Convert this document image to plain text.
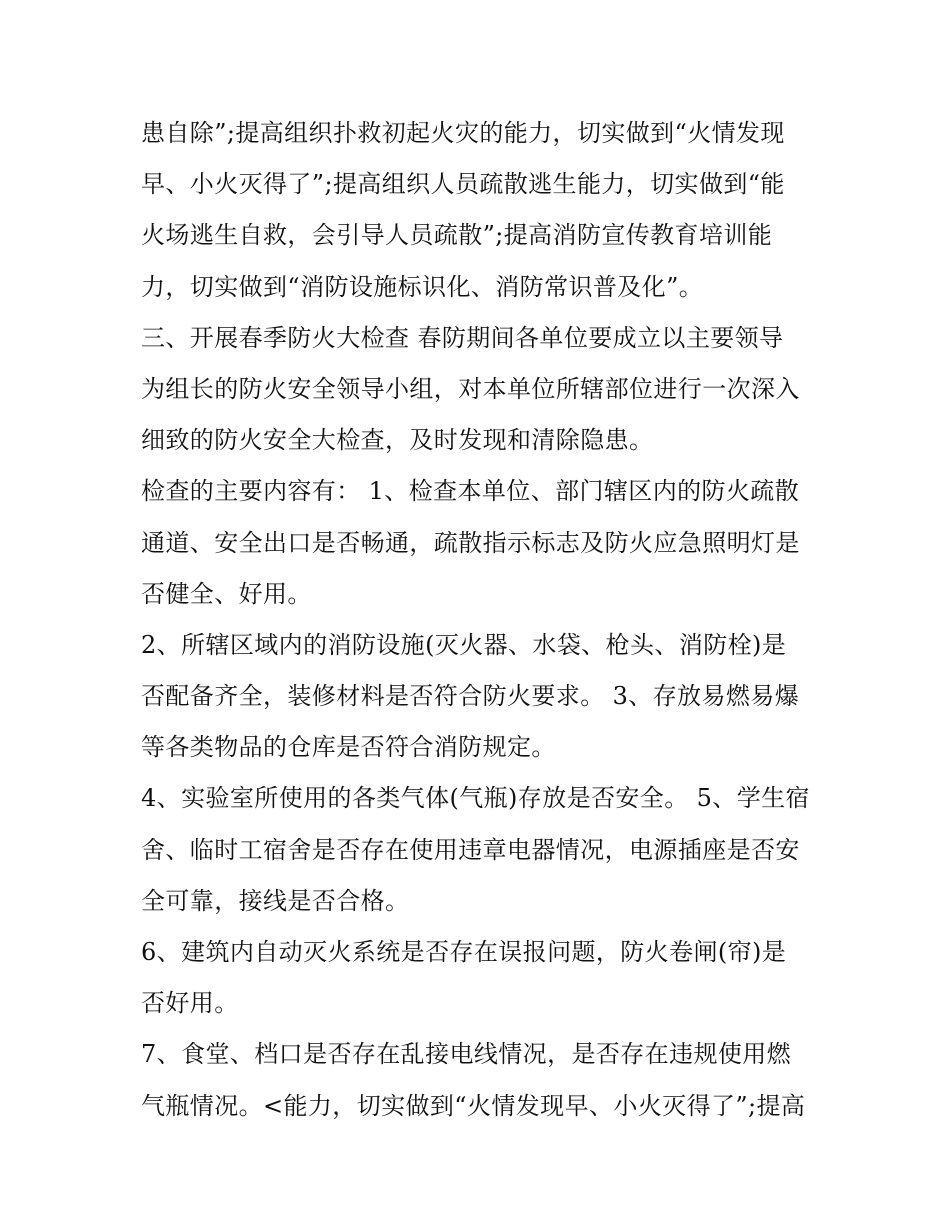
患自除”;提高组织扑救初起火灾的能力，切实做到“火情发现
早、小火灭得了”;提高组织人员疏散逃生能力，切实做到“能
火场逃生自救，会引导人员疏散”;提高消防宣传教育培训能
力，切实做到“消防设施标识化、消防常识普及化”。
三、开展春季防火大检查 春防期间各单位要成立以主要领导
为组长的防火安全领导小组，对本单位所辖部位进行一次深入
细致的防火安全大检查，及时发现和清除隐患。
检查的主要内容有： 1、检查本单位、部门辖区内的防火疏散
通道、安全出口是否畅通，疏散指示标志及防火应急照明灯是
否健全、好用。
2、所辖区域内的消防设施(灭火器、水袋、枪头、消防栓)是
否配备齐全，装修材料是否符合防火要求。 3、存放易燃易爆
等各类物品的仓库是否符合消防规定。
4、实验室所使用的各类气体(气瓶)存放是否安全。 5、学生宿
舍、临时工宿舍是否存在使用违章电器情况，电源插座是否安
全可靠，接线是否合格。
6、建筑内自动灭火系统是否存在误报问题，防火卷闸(帘)是
否好用。
7、食堂、档口是否存在乱接电线情况，是否存在违规使用燃
气瓶情况。<能力，切实做到“火情发现早、小火灭得了”;提高
